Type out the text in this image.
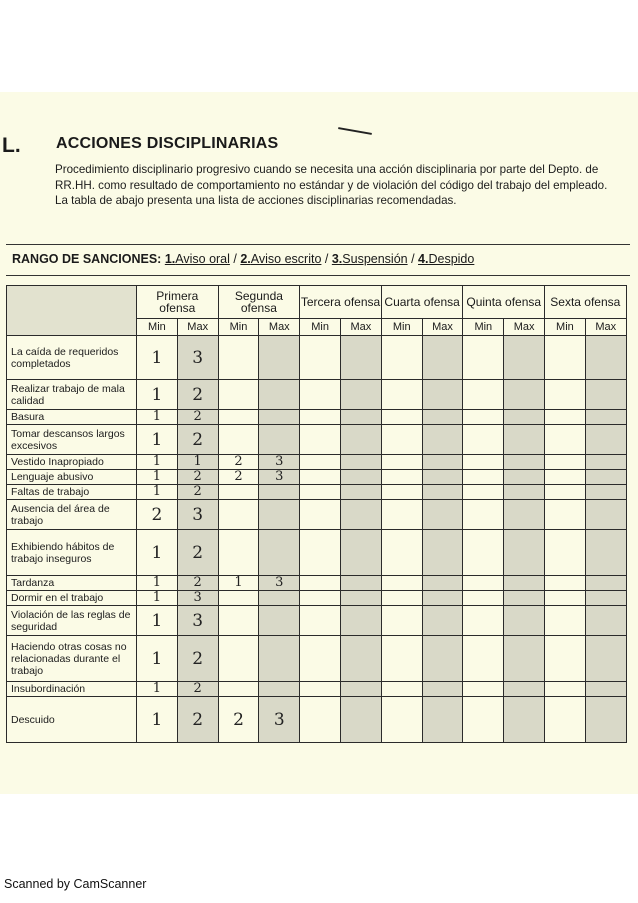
L. ACCIONES DISCIPLINARIAS
Procedimiento disciplinario progresivo cuando se necesita una acción disciplinaria por parte del Depto. de RR.HH. como resultado de comportamiento no estándar y de violación del código del trabajo del empleado. La tabla de abajo presenta una lista de acciones disciplinarias recomendadas.
RANGO DE SANCIONES: 1.Aviso oral / 2.Aviso escrito / 3.Suspensión / 4.Despido
	Primera ofensa		Segunda ofensa		Tercera ofensa		Cuarta ofensa		Quinta ofensa		Sexta ofensa	
	Min	Max	Min	Max	Min	Max	Min	Max	Min	Max	Min	Max
La caída de requeridos completados	1	3										
Realizar trabajo de mala calidad	1	2										
Basura	1	2										
Tomar descansos largos excesivos	1	2										
Vestido Inapropiado	1	1	2	3								
Lenguaje abusivo	1	2	2	3								
Faltas de trabajo	1	2										
Ausencia del área de trabajo	2	3										
Exhibiendo hábitos de trabajo inseguros	1	2										
Tardanza	1	2	1	3								
Dormir en el trabajo	1	3										
Violación de las reglas de seguridad	1	3										
Haciendo otras cosas no relacionadas durante el trabajo	1	2										
Insubordinación	1	2										
Descuido	1	2	2	3								
Scanned by CamScanner
